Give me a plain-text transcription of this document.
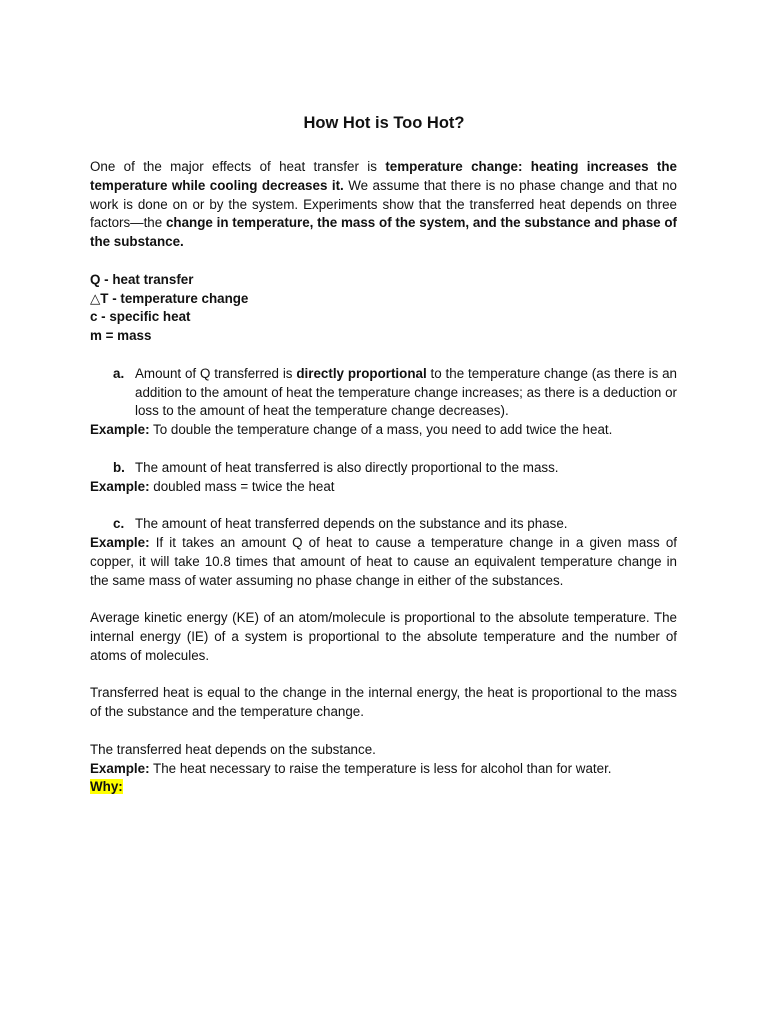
How Hot is Too Hot?

One of the major effects of heat transfer is temperature change: heating increases the temperature while cooling decreases it. We assume that there is no phase change and that no work is done on or by the system. Experiments show that the transferred heat depends on three factors—the change in temperature, the mass of the system, and the substance and phase of the substance.

Q - heat transfer
△T - temperature change
c - specific heat
m = mass
a. Amount of Q transferred is directly proportional to the temperature change (as there is an addition to the amount of heat the temperature change increases; as there is a deduction or loss to the amount of heat the temperature change decreases).

Example: To double the temperature change of a mass, you need to add twice the heat.

b. The amount of heat transferred is also directly proportional to the mass.

Example: doubled mass = twice the heat

c. The amount of heat transferred depends on the substance and its phase.

Example: If it takes an amount Q of heat to cause a temperature change in a given mass of copper, it will take 10.8 times that amount of heat to cause an equivalent temperature change in the same mass of water assuming no phase change in either of the substances.

Average kinetic energy (KE) of an atom/molecule is proportional to the absolute temperature. The internal energy (IE) of a system is proportional to the absolute temperature and the number of atoms of molecules.

Transferred heat is equal to the change in the internal energy, the heat is proportional to the mass of the substance and the temperature change.

The transferred heat depends on the substance.

Example: The heat necessary to raise the temperature is less for alcohol than for water.

Why:
